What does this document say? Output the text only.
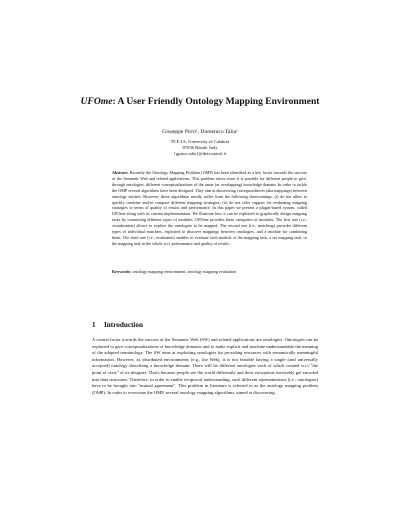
UFOme: A User Friendly Ontology Mapping Environment
Giuseppe Pirrò¹, Domenico Talia¹
¹D.E.I.S, University of Calabria
87036 Rende, Italy
{gpirro,talia}@deis.unical.it
Abstract. Recently the Ontology Mapping Problem (OMP) has been identified as a key factor towards the success of the Semantic Web and related applications. This problem arises since it is possible for different people to give, through ontologies, different conceptualizations of the same (or overlapping) knowledge domain. In order to tackle the OMP several algorithms have been designed. They aim at discovering correspondences (aka mappings) between ontology entities. However, these algorithms mostly suffer from the following shortcomings: (i) do not allow to quickly combine and/or compare different mapping strategies; (ii) do not offer support for evaluating mapping strategies in terms of quality of results and performance. In this paper we present a plugin-based system, called UFOme along with its current implementation. We illustrate how it can be exploited to graphically design mapping tasks by connecting different types of modules. UFOme provides three categories of modules. The first one (i.e., visualization) allows to explore the ontologies to be mapped. The second one (i.e., matching) provides different types of individual matchers, exploited to discover mappings between ontologies, and a module for combining them. The third one (i.e., evaluation) enables to evaluate each module of the mapping task, a set mapping task, or the mapping task in the whole w.r.t performance and quality of results.
Keywords: ontology mapping environment, ontology mapping evaluation
1 Introduction
A central factor towards the success of the Semantic Web (SW) and related applications are ontologies. Ontologies can be exploited to give conceptualizations of knowledge domains and to make explicit and machine understandable the meaning of the adopted terminology. The SW aims at exploiting ontologies for providing resources with semantically meaningful information. However, as distributed environments (e.g., the Web), it is not feasible having a single (and universally accepted) ontology describing a knowledge domain. There will be different ontologies each of which created w.r.t "the point of view" of its designer. That's because people see the world differently and their viewpoints inevitably get encoded into data structures. Therefore, in order to enable reciprocal understanding, such different representations (i.e., ontologies) have to be brought into "mutual agreement". This problem in literature is referred to as the ontology mapping problem (OMP). In order to overcome the OMP, several ontology mapping algorithms, aimed at discovering
